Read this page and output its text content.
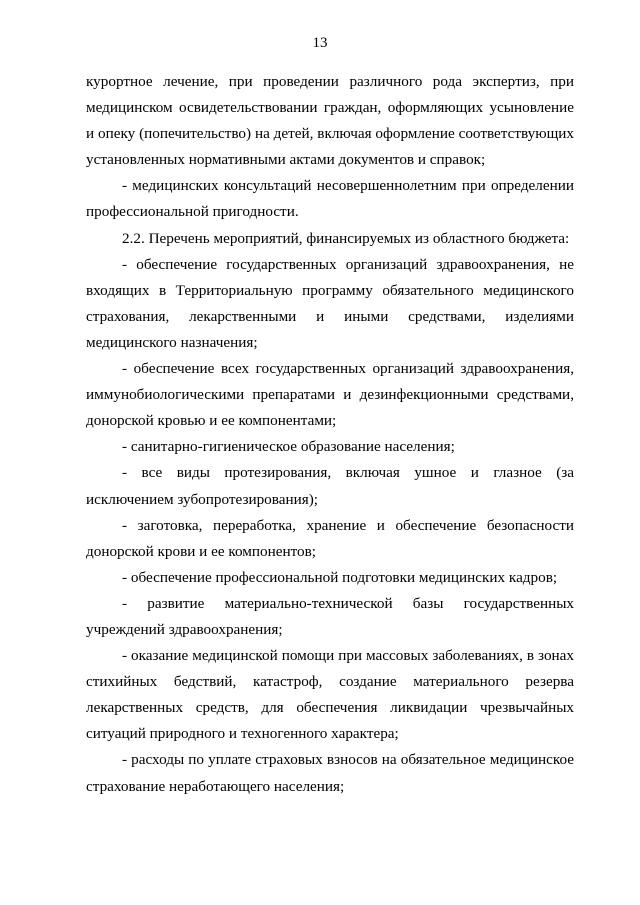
13

курортное лечение, при проведении различного рода экспертиз, при медицинском освидетельствовании граждан, оформляющих усыновление и опеку (попечительство) на детей, включая оформление соответствующих установленных нормативными актами документов и справок;

- медицинских консультаций несовершеннолетним при определении профессиональной пригодности.

2.2. Перечень мероприятий, финансируемых из областного бюджета:

- обеспечение государственных организаций здравоохранения, не входящих в Территориальную программу обязательного медицинского страхования, лекарственными и иными средствами, изделиями медицинского назначения;

- обеспечение всех государственных организаций здравоохранения, иммунобиологическими препаратами и дезинфекционными средствами, донорской кровью и ее компонентами;

- санитарно-гигиеническое образование населения;

- все виды протезирования, включая ушное и глазное (за исключением зубопротезирования);

- заготовка, переработка, хранение и обеспечение безопасности донорской крови и ее компонентов;

- обеспечение профессиональной подготовки медицинских кадров;

- развитие материально-технической базы государственных учреждений здравоохранения;

- оказание медицинской помощи при массовых заболеваниях, в зонах стихийных бедствий, катастроф, создание материального резерва лекарственных средств, для обеспечения ликвидации чрезвычайных ситуаций природного и техногенного характера;

- расходы по уплате страховых взносов на обязательное медицинское страхование неработающего населения;
